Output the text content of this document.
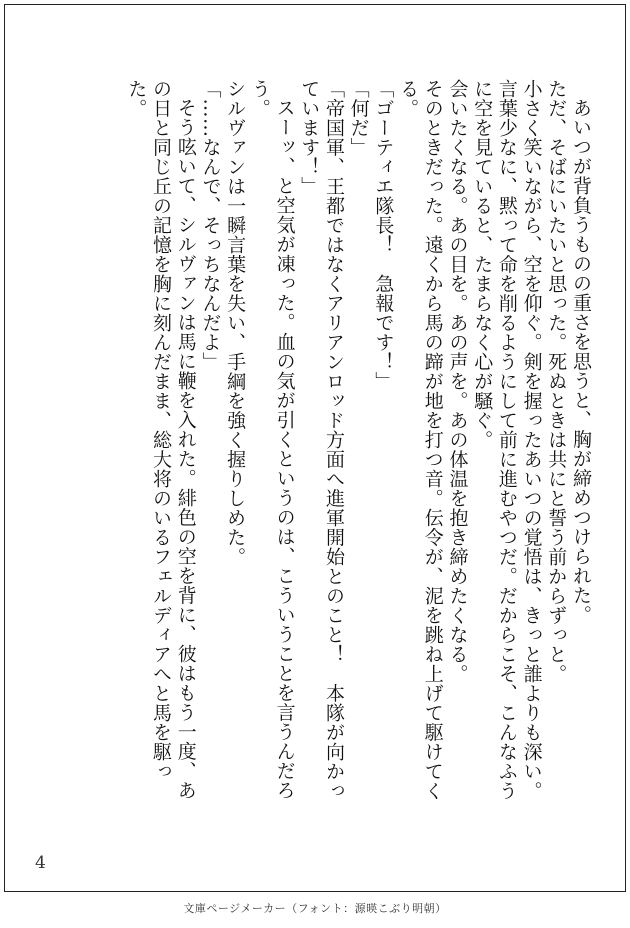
あいつが背負うものの重さを思うと、胸が締めつけられた。

ただ、そばにいたいと思った。死ぬときは共にと誓う前からずっと。

小さく笑いながら、空を仰ぐ。剣を握ったあいつの覚悟は、きっと誰よりも深い。言葉少なに、黙って命を削るようにして前に進むやつだ。だからこそ、こんなふうに空を見ていると、たまらなく心が騒ぐ。

会いたくなる。あの目を。あの声を。あの体温を抱き締めたくなる。

そのときだった。遠くから馬の蹄が地を打つ音。伝令が、泥を跳ね上げて駆けてくる。

「ゴーティエ隊長！　急報です！」

「何だ」

「帝国軍、王都ではなくアリアンロッド方面へ進軍開始とのこと！　本隊が向かっています！」

スーッ、と空気が凍った。血の気が引くというのは、こういうことを言うんだろう。

シルヴァンは一瞬言葉を失い、手綱を強く握りしめた。

「……なんで、そっちなんだよ」

そう呟いて、シルヴァンは馬に鞭を入れた。緋色の空を背に、彼はもう一度、あの日と同じ丘の記憶を胸に刻んだまま、総大将のいるフェルディアへと馬を駆った。

4
文庫ページメーカー（フォント：源暎こぶり明朝）
